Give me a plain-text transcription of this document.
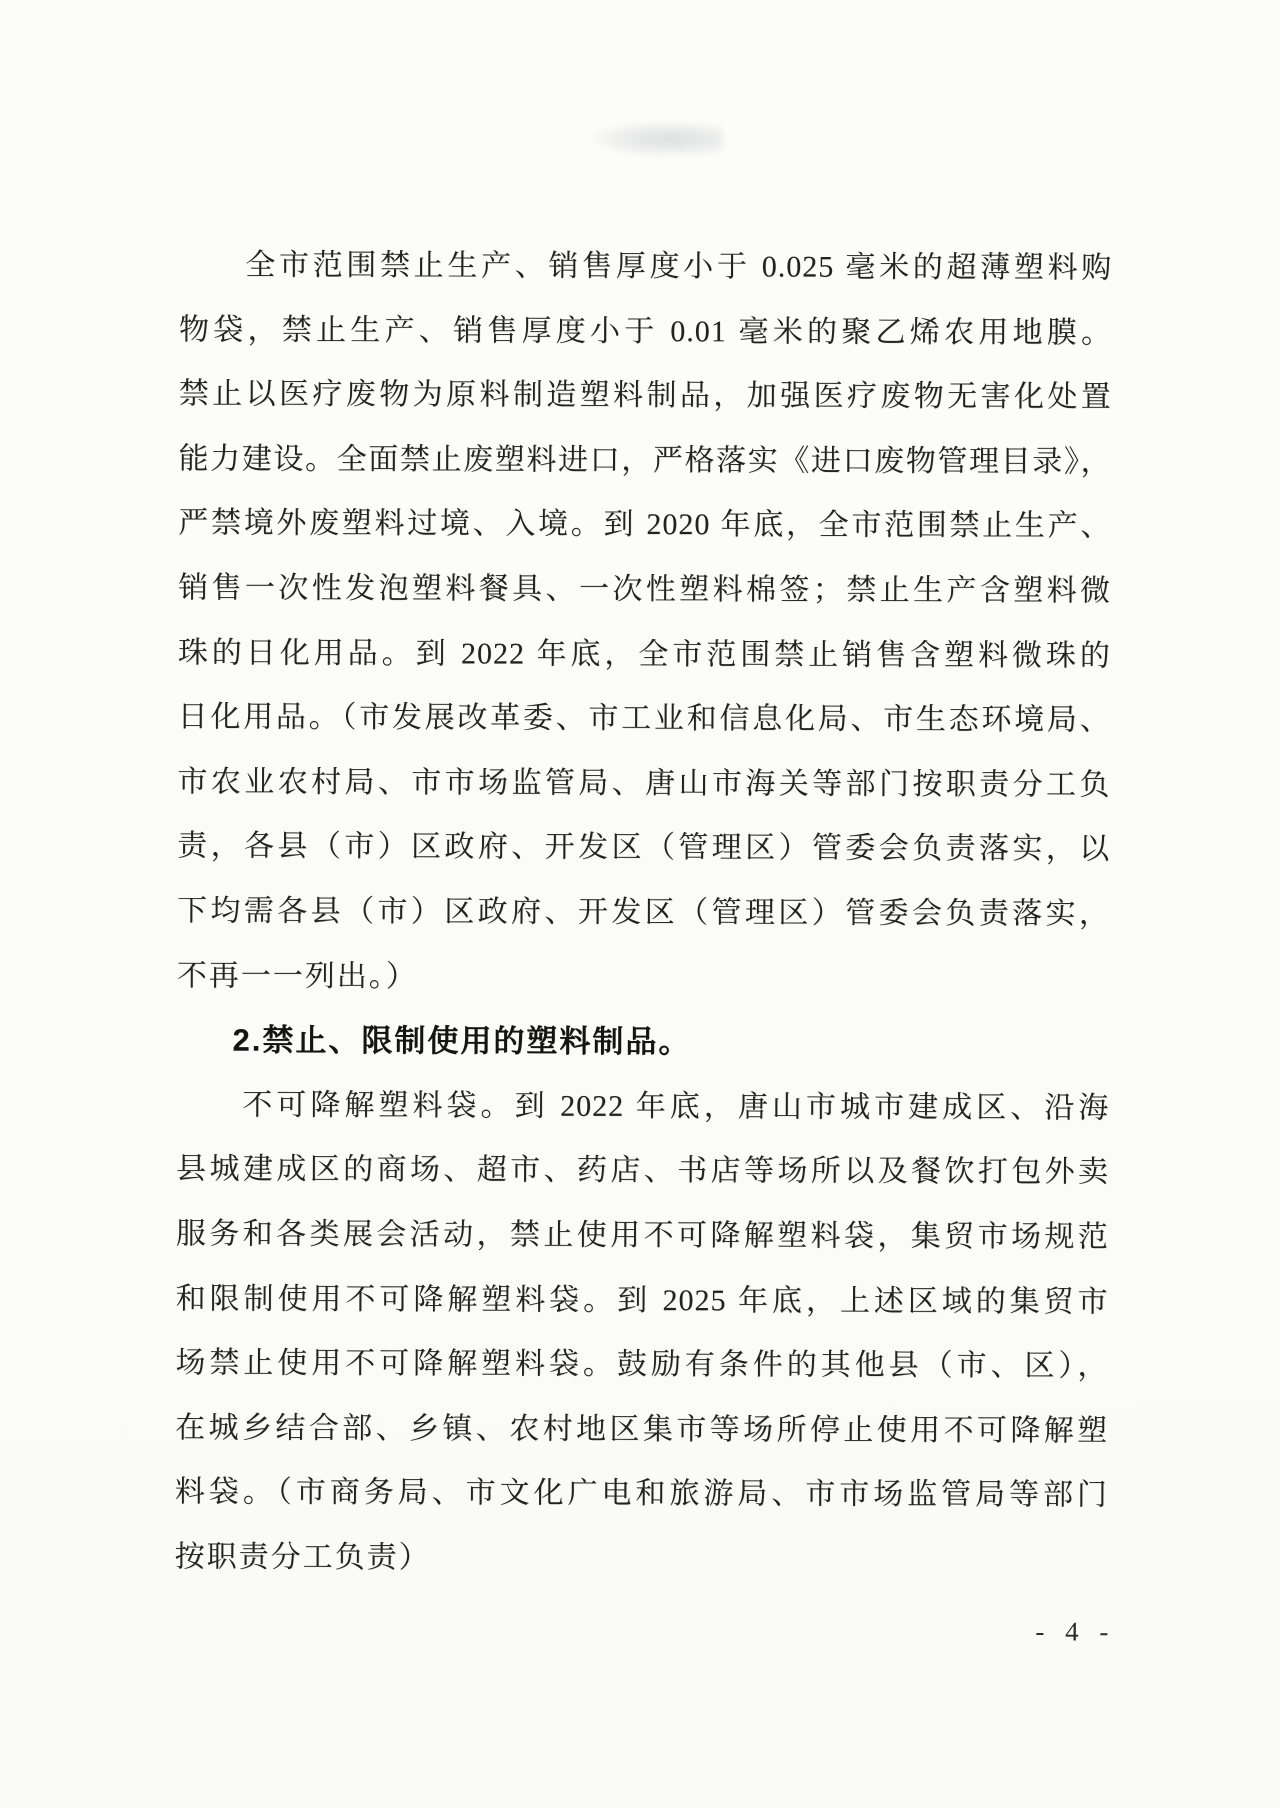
全市范围禁止生产、销售厚度小于 0.025 毫米的超薄塑料购
物袋，禁止生产、销售厚度小于 0.01 毫米的聚乙烯农用地膜。
禁止以医疗废物为原料制造塑料制品，加强医疗废物无害化处置
能力建设。全面禁止废塑料进口，严格落实《进口废物管理目录》，
严禁境外废塑料过境、入境。到 2020 年底，全市范围禁止生产、
销售一次性发泡塑料餐具、一次性塑料棉签；禁止生产含塑料微
珠的日化用品。到 2022 年底，全市范围禁止销售含塑料微珠的
日化用品。（市发展改革委、市工业和信息化局、市生态环境局、
市农业农村局、市市场监管局、唐山市海关等部门按职责分工负
责，各县（市）区政府、开发区（管理区）管委会负责落实，以
下均需各县（市）区政府、开发区（管理区）管委会负责落实，
不再一一列出。）
2.禁止、限制使用的塑料制品。
不可降解塑料袋。到 2022 年底，唐山市城市建成区、沿海
县城建成区的商场、超市、药店、书店等场所以及餐饮打包外卖
服务和各类展会活动，禁止使用不可降解塑料袋，集贸市场规范
和限制使用不可降解塑料袋。到 2025 年底，上述区域的集贸市
场禁止使用不可降解塑料袋。鼓励有条件的其他县（市、区），
在城乡结合部、乡镇、农村地区集市等场所停止使用不可降解塑
料袋。（市商务局、市文化广电和旅游局、市市场监管局等部门
按职责分工负责）
- 4 -
